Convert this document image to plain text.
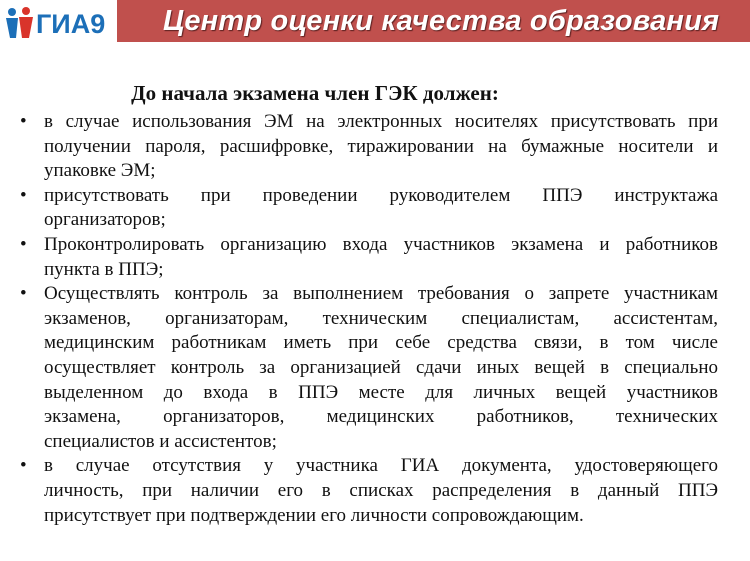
ГИА9 Центр оценки качества образования
До начала экзамена член ГЭК должен:
• в случае использования ЭМ на электронных носителях присутствовать при
получении пароля, расшифровке, тиражировании на бумажные носители и
упаковке ЭМ;
• присутствовать при проведении руководителем ППЭ инструктажа
организаторов;
• Проконтролировать организацию входа участников экзамена и работников
пункта в ППЭ;
• Осуществлять контроль за выполнением требования о запрете участникам
экзаменов, организаторам, техническим специалистам, ассистентам,
медицинским работникам иметь при себе средства связи, в том числе
осуществляет контроль за организацией сдачи иных вещей в специально
выделенном до входа в ППЭ месте для личных вещей участников
экзамена, организаторов, медицинских работников, технических
специалистов и ассистентов;
• в случае отсутствия у участника ГИА документа, удостоверяющего
личность, при наличии его в списках распределения в данный ППЭ
присутствует при подтверждении его личности сопровождающим.
